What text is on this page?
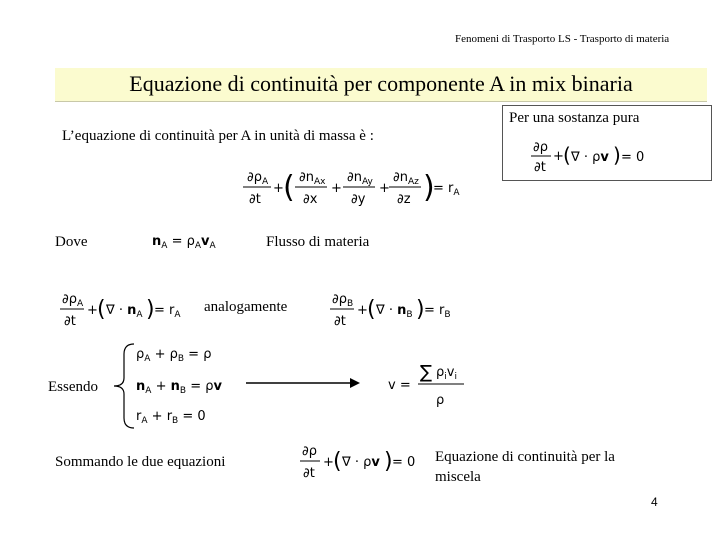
Fenomeni di Trasporto LS - Trasporto di materia
Equazione di continuità per componente A in mix binaria
L’equazione di continuità per A in unità di massa è :
Per una sostanza pura
∂ρ
∂t
+ ( ∇ · ρv ) = 0
$\partial\rho_A$
∂t
+ ( $\partial n_{Ax}$
∂x
+
$\partial n_{Ay}$
∂y
+
$\partial n_{Az}$
∂z )
= $r_A$
Dove	$n_A = \rho_Av_A$	Flusso di materia
$\partial\rho_A$
∂t
+ ( ∇ · $n_A$ ) = $r_A$ analogamente	$\partial\rho_B$
∂t
+ ( ∇ · $n_B$ ) = $r_B$
Essendo
$\rho_A + \rho_B = \rho$
$n_A + n_B = \rho v$
$r_A + r_B = 0$
v =
∑ $\rho_iv_i$
ρ
Sommando le due equazioni
∂ρ
∂t
+ ( ∇ · ρv ) = 0 Equazione di continuità per la miscela
4
